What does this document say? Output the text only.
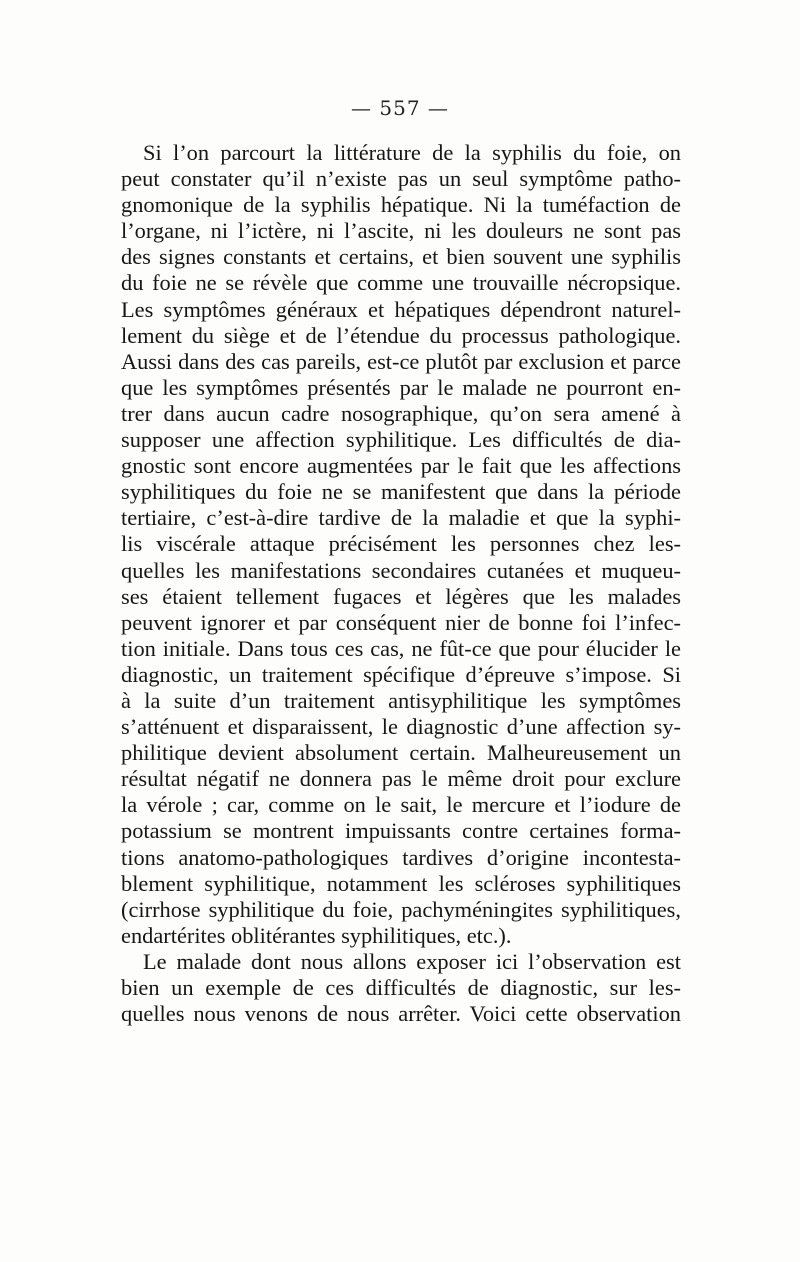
— 557 —
Si l’on parcourt la littérature de la syphilis du foie, on
peut constater qu’il n’existe pas un seul symptôme patho-
gnomonique de la syphilis hépatique. Ni la tuméfaction de
l’organe, ni l’ictère, ni l’ascite, ni les douleurs ne sont pas
des signes constants et certains, et bien souvent une syphilis
du foie ne se révèle que comme une trouvaille nécropsique.
Les symptômes généraux et hépatiques dépendront naturel-
lement du siège et de l’étendue du processus pathologique.
Aussi dans des cas pareils, est-ce plutôt par exclusion et parce
que les symptômes présentés par le malade ne pourront en-
trer dans aucun cadre nosographique, qu’on sera amené à
supposer une affection syphilitique. Les difficultés de dia-
gnostic sont encore augmentées par le fait que les affections
syphilitiques du foie ne se manifestent que dans la période
tertiaire, c’est-à-dire tardive de la maladie et que la syphi-
lis viscérale attaque précisément les personnes chez les-
quelles les manifestations secondaires cutanées et muqueu-
ses étaient tellement fugaces et légères que les malades
peuvent ignorer et par conséquent nier de bonne foi l’infec-
tion initiale. Dans tous ces cas, ne fût-ce que pour élucider le
diagnostic, un traitement spécifique d’épreuve s’impose. Si
à la suite d’un traitement antisyphilitique les symptômes
s’atténuent et disparaissent, le diagnostic d’une affection sy-
philitique devient absolument certain. Malheureusement un
résultat négatif ne donnera pas le même droit pour exclure
la vérole ; car, comme on le sait, le mercure et l’iodure de
potassium se montrent impuissants contre certaines forma-
tions anatomo-pathologiques tardives d’origine incontesta-
blement syphilitique, notamment les scléroses syphilitiques
(cirrhose syphilitique du foie, pachyméningites syphilitiques,
endartérites oblitérantes syphilitiques, etc.).
Le malade dont nous allons exposer ici l’observation est
bien un exemple de ces difficultés de diagnostic, sur les-
quelles nous venons de nous arrêter. Voici cette observation
